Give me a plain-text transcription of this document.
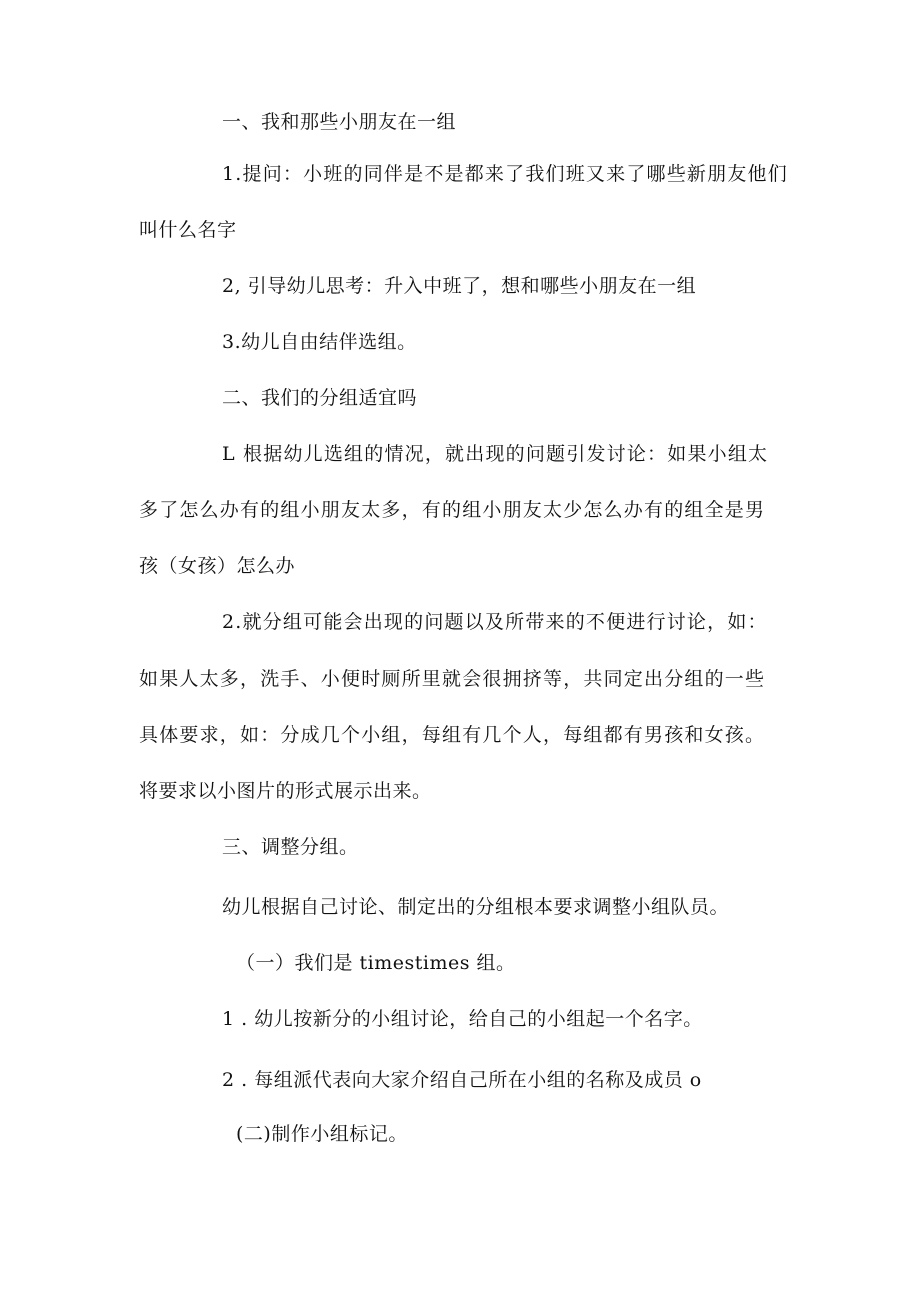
一、我和那些小朋友在一组
1.提问：小班的同伴是不是都来了我们班又来了哪些新朋友他们
叫什么名字
2, 引导幼儿思考：升入中班了，想和哪些小朋友在一组
3.幼儿自由结伴选组。
二、我们的分组适宜吗
L 根据幼儿选组的情况，就出现的问题引发讨论：如果小组太
多了怎么办有的组小朋友太多，有的组小朋友太少怎么办有的组全是男
孩（女孩）怎么办
2.就分组可能会出现的问题以及所带来的不便进行讨论，如：
如果人太多，洗手、小便时厕所里就会很拥挤等，共同定出分组的一些
具体要求，如：分成几个小组，每组有几个人，每组都有男孩和女孩。
将要求以小图片的形式展示出来。
三、调整分组。
幼儿根据自己讨论、制定出的分组根本要求调整小组队员。
（一）我们是 timestimes 组。
1 . 幼儿按新分的小组讨论，给自己的小组起一个名字。
2 . 每组派代表向大家介绍自己所在小组的名称及成员 o
(二)制作小组标记。
